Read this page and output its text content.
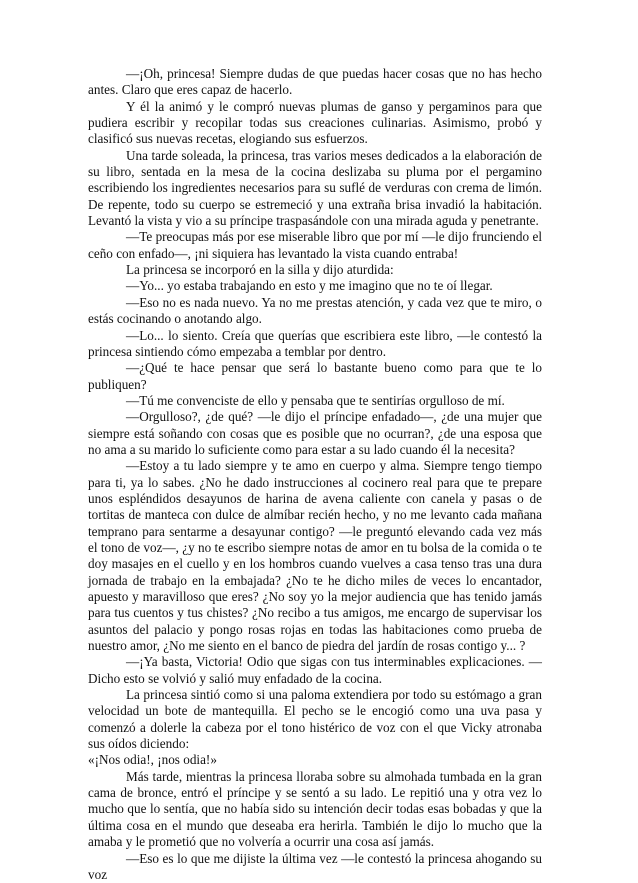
—¡Oh, princesa! Siempre dudas de que puedas hacer cosas que no has hecho antes. Claro que eres capaz de hacerlo.

Y él la animó y le compró nuevas plumas de ganso y pergaminos para que pudiera escribir y recopilar todas sus creaciones culinarias. Asimismo, probó y clasificó sus nuevas recetas, elogiando sus esfuerzos.

Una tarde soleada, la princesa, tras varios meses dedicados a la elaboración de su libro, sentada en la mesa de la cocina deslizaba su pluma por el pergamino escribiendo los ingredientes necesarios para su suflé de verduras con crema de limón. De repente, todo su cuerpo se estremeció y una extraña brisa invadió la habitación. Levantó la vista y vio a su príncipe traspasándole con una mirada aguda y penetrante.

—Te preocupas más por ese miserable libro que por mí —le dijo frunciendo el ceño con enfado—, ¡ni siquiera has levantado la vista cuando entraba!

La princesa se incorporó en la silla y dijo aturdida:

—Yo... yo estaba trabajando en esto y me imagino que no te oí llegar.

—Eso no es nada nuevo. Ya no me prestas atención, y cada vez que te miro, o estás cocinando o anotando algo.

—Lo... lo siento. Creía que querías que escribiera este libro, —le contestó la princesa sintiendo cómo empezaba a temblar por dentro.

—¿Qué te hace pensar que será lo bastante bueno como para que te lo publiquen?

—Tú me convenciste de ello y pensaba que te sentirías orgulloso de mí.

—Orgulloso?, ¿de qué? —le dijo el príncipe enfadado—, ¿de una mujer que siempre está soñando con cosas que es posible que no ocurran?, ¿de una esposa que no ama a su marido lo suficiente como para estar a su lado cuando él la necesita?

—Estoy a tu lado siempre y te amo en cuerpo y alma. Siempre tengo tiempo para ti, ya lo sabes. ¿No he dado instrucciones al cocinero real para que te prepare unos espléndidos desayunos de harina de avena caliente con canela y pasas o de tortitas de manteca con dulce de almíbar recién hecho, y no me levanto cada mañana temprano para sentarme a desayunar contigo? —le preguntó elevando cada vez más el tono de voz—, ¿y no te escribo siempre notas de amor en tu bolsa de la comida o te doy masajes en el cuello y en los hombros cuando vuelves a casa tenso tras una dura jornada de trabajo en la embajada? ¿No te he dicho miles de veces lo encantador, apuesto y maravilloso que eres? ¿No soy yo la mejor audiencia que has tenido jamás para tus cuentos y tus chistes? ¿No recibo a tus amigos, me encargo de supervisar los asuntos del palacio y pongo rosas rojas en todas las habitaciones como prueba de nuestro amor, ¿No me siento en el banco de piedra del jardín de rosas contigo y... ?

—¡Ya basta, Victoria! Odio que sigas con tus interminables explicaciones. —Dicho esto se volvió y salió muy enfadado de la cocina.

La princesa sintió como si una paloma extendiera por todo su estómago a gran velocidad un bote de mantequilla. El pecho se le encogió como una uva pasa y comenzó a dolerle la cabeza por el tono histérico de voz con el que Vicky atronaba sus oídos diciendo:

«¡Nos odia!, ¡nos odia!»

Más tarde, mientras la princesa lloraba sobre su almohada tumbada en la gran cama de bronce, entró el príncipe y se sentó a su lado. Le repitió una y otra vez lo mucho que lo sentía, que no había sido su intención decir todas esas bobadas y que la última cosa en el mundo que deseaba era herirla. También le dijo lo mucho que la amaba y le prometió que no volvería a ocurrir una cosa así jamás.

—Eso es lo que me dijiste la última vez —le contestó la princesa ahogando su voz
